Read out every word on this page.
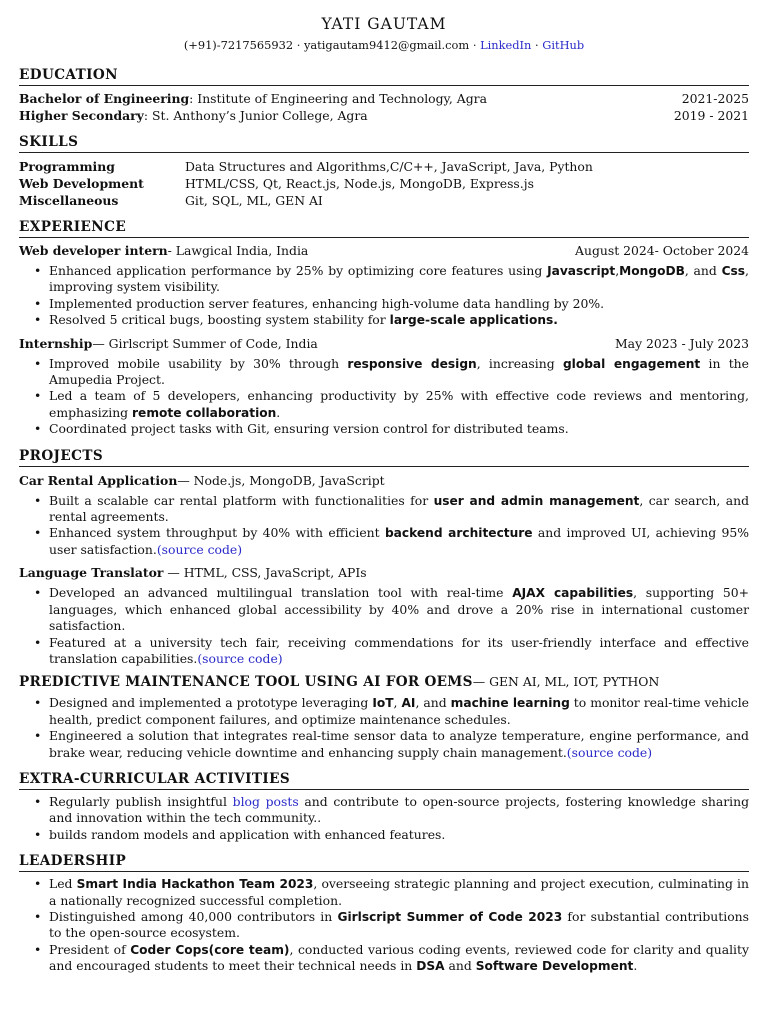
YATI GAUTAM
(+91)-7217565932 · yatigautam9412@gmail.com · LinkedIn · GitHub
EDUCATION
Bachelor of Engineering: Institute of Engineering and Technology, Agra	2021-2025
Higher Secondary: St. Anthony’s Junior College, Agra	2019 - 2021
SKILLS
Programming	Data Structures and Algorithms,C/C++, JavaScript, Java, Python
Web Development	HTML/CSS, Qt, React.js, Node.js, MongoDB, Express.js
Miscellaneous	Git, SQL, ML, GEN AI
EXPERIENCE
Web developer intern- Lawgical India, India	August 2024- October 2024
• Enhanced application performance by 25% by optimizing core features using Javascript,MongoDB, and Css, improving system visibility.
• Implemented production server features, enhancing high-volume data handling by 20%.
• Resolved 5 critical bugs, boosting system stability for large-scale applications.
Internship— Girlscript Summer of Code, India	May 2023 - July 2023
• Improved mobile usability by 30% through responsive design, increasing global engagement in the Amupedia Project.
• Led a team of 5 developers, enhancing productivity by 25% with effective code reviews and mentoring, emphasizing remote collaboration.
• Coordinated project tasks with Git, ensuring version control for distributed teams.
PROJECTS
Car Rental Application— Node.js, MongoDB, JavaScript
• Built a scalable car rental platform with functionalities for user and admin management, car search, and rental agreements.
• Enhanced system throughput by 40% with efficient backend architecture and improved UI, achieving 95% user satisfaction.(source code)
Language Translator — HTML, CSS, JavaScript, APIs
• Developed an advanced multilingual translation tool with real-time AJAX capabilities, supporting 50+ languages, which enhanced global accessibility by 40% and drove a 20% rise in international customer satisfaction.
• Featured at a university tech fair, receiving commendations for its user-friendly interface and effective translation capabilities.(source code)
PREDICTIVE MAINTENANCE TOOL USING AI FOR OEMS— GEN AI, ML, IOT, PYTHON
• Designed and implemented a prototype leveraging IoT, AI, and machine learning to monitor real-time vehicle health, predict component failures, and optimize maintenance schedules.
• Engineered a solution that integrates real-time sensor data to analyze temperature, engine performance, and brake wear, reducing vehicle downtime and enhancing supply chain management.(source code)
EXTRA-CURRICULAR ACTIVITIES
• Regularly publish insightful blog posts and contribute to open-source projects, fostering knowledge sharing and innovation within the tech community..
• builds random models and application with enhanced features.
LEADERSHIP
• Led Smart India Hackathon Team 2023, overseeing strategic planning and project execution, culminating in a nationally recognized successful completion.
• Distinguished among 40,000 contributors in Girlscript Summer of Code 2023 for substantial contributions to the open-source ecosystem.
• President of Coder Cops(core team), conducted various coding events, reviewed code for clarity and quality and encouraged students to meet their technical needs in DSA and Software Development.
